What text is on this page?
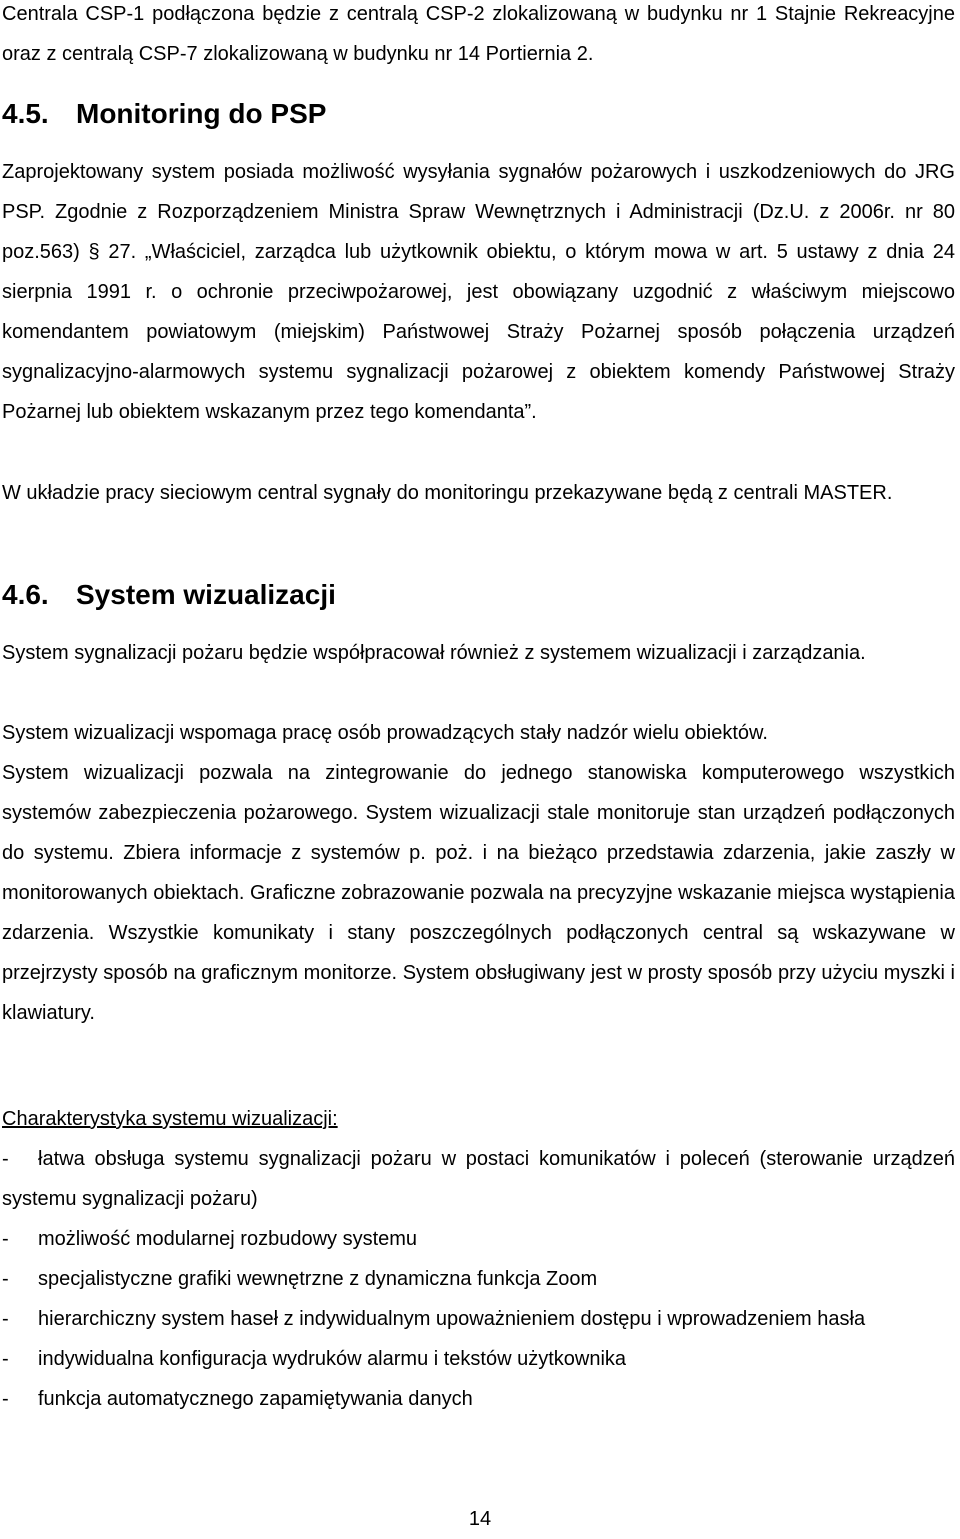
Centrala CSP-1 podłączona będzie z centralą CSP-2 zlokalizowaną w budynku nr 1 Stajnie Rekreacyjne oraz z centralą CSP-7 zlokalizowaną w budynku nr 14 Portiernia 2.

4.5. Monitoring do PSP

Zaprojektowany system posiada możliwość wysyłania sygnałów pożarowych i uszkodzeniowych do JRG PSP. Zgodnie z Rozporządzeniem Ministra Spraw Wewnętrznych i Administracji (Dz.U. z 2006r. nr 80 poz.563) § 27. „Właściciel, zarządca lub użytkownik obiektu, o którym mowa w art. 5 ustawy z dnia 24 sierpnia 1991 r. o ochronie przeciwpożarowej, jest obowiązany uzgodnić z właściwym miejscowo komendantem powiatowym (miejskim) Państwowej Straży Pożarnej sposób połączenia urządzeń sygnalizacyjno-alarmowych systemu sygnalizacji pożarowej z obiektem komendy Państwowej Straży Pożarnej lub obiektem wskazanym przez tego komendanta”.

W układzie pracy sieciowym central sygnały do monitoringu przekazywane będą z centrali MASTER.

4.6. System wizualizacji

System sygnalizacji pożaru będzie współpracował również z systemem wizualizacji i zarządzania.

System wizualizacji wspomaga pracę osób prowadzących stały nadzór wielu obiektów.

System wizualizacji pozwala na zintegrowanie do jednego stanowiska komputerowego wszystkich systemów zabezpieczenia pożarowego. System wizualizacji stale monitoruje stan urządzeń podłączonych do systemu. Zbiera informacje z systemów p. poż. i na bieżąco przedstawia zdarzenia, jakie zaszły w monitorowanych obiektach. Graficzne zobrazowanie pozwala na precyzyjne wskazanie miejsca wystąpienia zdarzenia. Wszystkie komunikaty i stany poszczególnych podłączonych central są wskazywane w przejrzysty sposób na graficznym monitorze. System obsługiwany jest w prosty sposób przy użyciu myszki i klawiatury.

Charakterystyka systemu wizualizacji:

- łatwa obsługa systemu sygnalizacji pożaru w postaci komunikatów i poleceń (sterowanie urządzeń systemu sygnalizacji pożaru)
-	możliwość modularnej rozbudowy systemu
-	specjalistyczne grafiki wewnętrzne z dynamiczna funkcja Zoom
- hierarchiczny system haseł z indywidualnym upoważnieniem dostępu i wprowadzeniem hasła
-	indywidualna konfiguracja wydruków alarmu i tekstów użytkownika
-	funkcja automatycznego zapamiętywania danych
14
